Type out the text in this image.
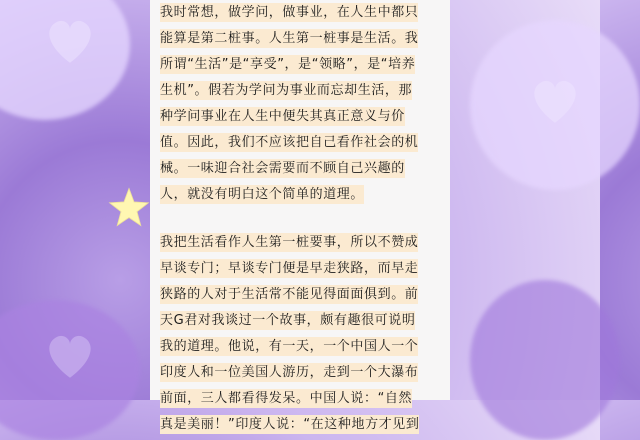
我时常想，做学问，做事业，在人生中都只
能算是第二桩事。人生第一桩事是生活。我
所谓“生活”是“享受”，是“领略”，是“培养
生机”。假若为学问为事业而忘却生活，那
种学问事业在人生中便失其真正意义与价
值。因此，我们不应该把自己看作社会的机
械。一味迎合社会需要而不顾自己兴趣的
人，就没有明白这个简单的道理。
我把生活看作人生第一桩要事，所以不赞成
早谈专门；早谈专门便是早走狭路，而早走
狭路的人对于生活常不能见得面面俱到。前
天G君对我谈过一个故事，颇有趣很可说明
我的道理。他说，有一天，一个中国人一个
印度人和一位美国人游历，走到一个大瀑布
前面，三人都看得发呆。中国人说：“自然
真是美丽！”印度人说：“在这种地方才见到
